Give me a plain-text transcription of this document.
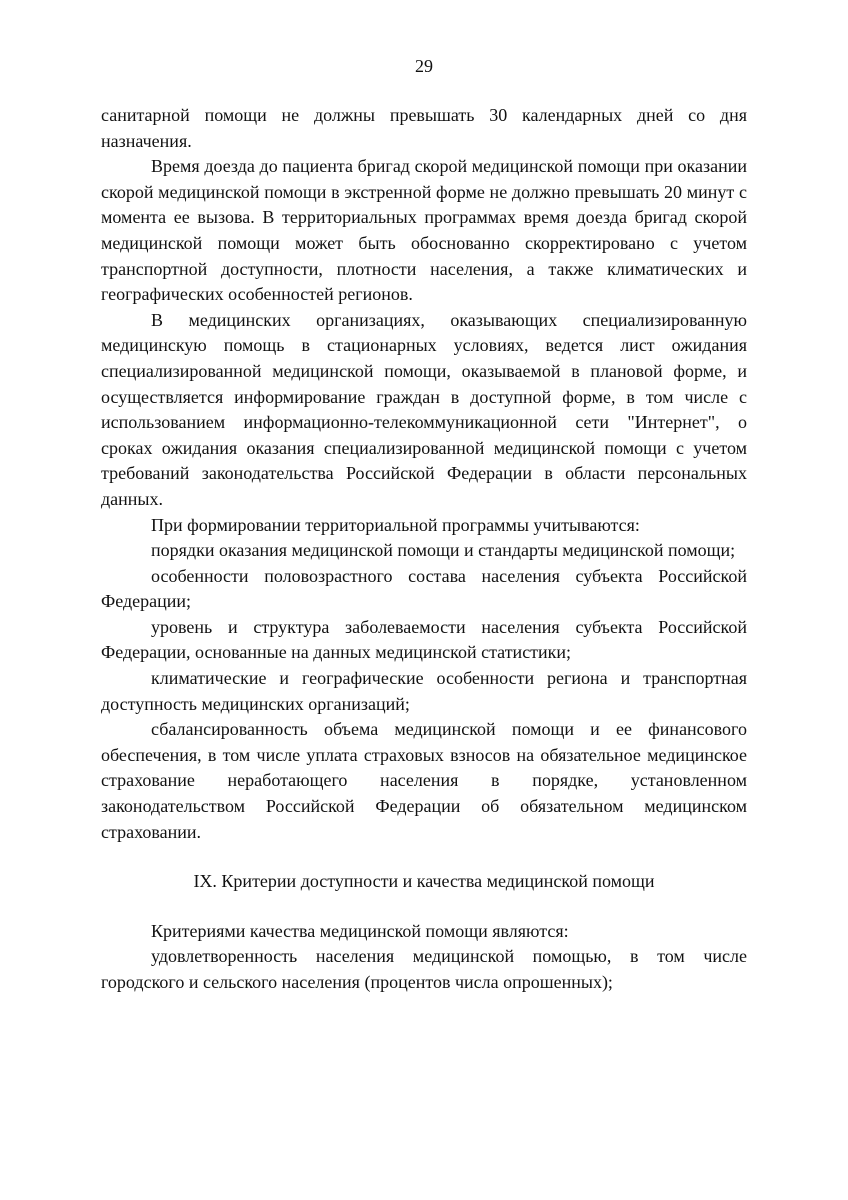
29

санитарной помощи не должны превышать 30 календарных дней со дня назначения.

Время доезда до пациента бригад скорой медицинской помощи при оказании скорой медицинской помощи в экстренной форме не должно превышать 20 минут с момента ее вызова. В территориальных программах время доезда бригад скорой медицинской помощи может быть обоснованно скорректировано с учетом транспортной доступности, плотности населения, а также климатических и географических особенностей регионов.

В медицинских организациях, оказывающих специализированную медицинскую помощь в стационарных условиях, ведется лист ожидания специализированной медицинской помощи, оказываемой в плановой форме, и осуществляется информирование граждан в доступной форме, в том числе с использованием информационно-телекоммуникационной сети "Интернет", о сроках ожидания оказания специализированной медицинской помощи с учетом требований законодательства Российской Федерации в области персональных данных.

При формировании территориальной программы учитываются:

порядки оказания медицинской помощи и стандарты медицинской помощи;

особенности половозрастного состава населения субъекта Российской Федерации;

уровень и структура заболеваемости населения субъекта Российской Федерации, основанные на данных медицинской статистики;

климатические и географические особенности региона и транспортная доступность медицинских организаций;

сбалансированность объема медицинской помощи и ее финансового обеспечения, в том числе уплата страховых взносов на обязательное медицинское страхование неработающего населения в порядке, установленном законодательством Российской Федерации об обязательном медицинском страховании.

IX. Критерии доступности и качества медицинской помощи

Критериями качества медицинской помощи являются:

удовлетворенность населения медицинской помощью, в том числе городского и сельского населения (процентов числа опрошенных);
